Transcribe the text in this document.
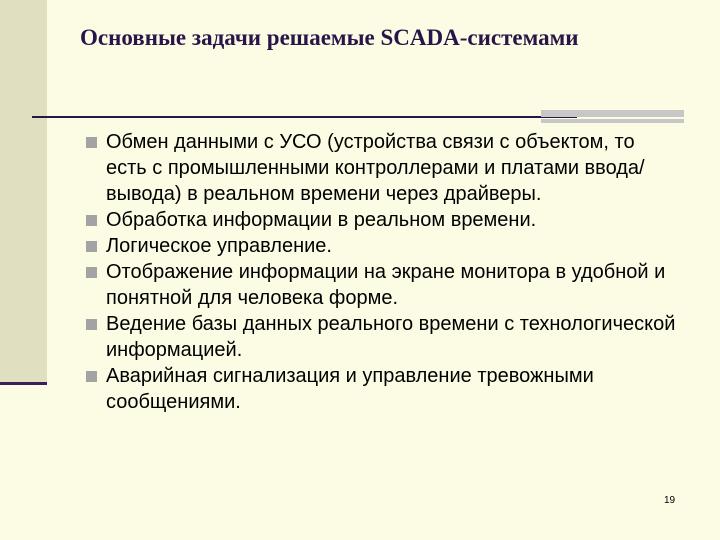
Основные задачи решаемые SCADA-системами
Обмен данными с УСО (устройства связи с объектом, то есть с промышленными контроллерами и платами ввода/вывода) в реальном времени через драйверы.
Обработка информации в реальном времени.
Логическое управление.
Отображение информации на экране монитора в удобной и понятной для человека форме.
Ведение базы данных реального времени с технологической информацией.
Аварийная сигнализация и управление тревожными сообщениями.
19
